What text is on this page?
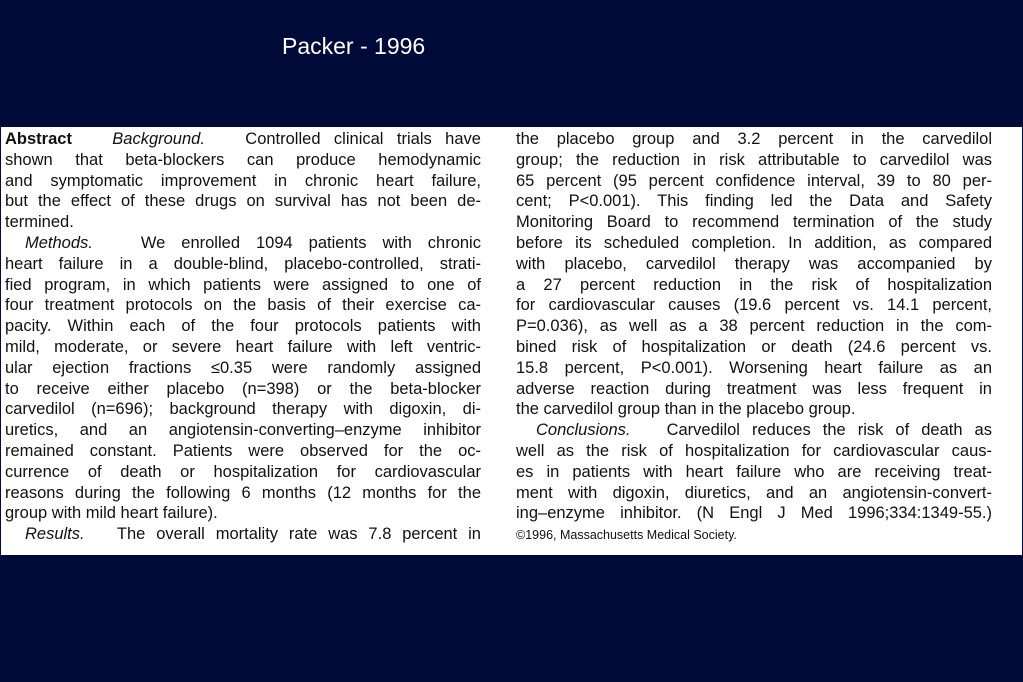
Packer - 1996
Abstract Background. Controlled clinical trials have
shown that beta-blockers can produce hemodynamic
and symptomatic improvement in chronic heart failure,
but the effect of these drugs on survival has not been de-
termined.
Methods.	We enrolled 1094 patients with chronic
heart failure in a double-blind, placebo-controlled, strati-
fied program, in which patients were assigned to one of
four treatment protocols on the basis of their exercise ca-
pacity. Within each of the four protocols patients with
mild, moderate, or severe heart failure with left ventric-
ular ejection fractions ≤0.35 were randomly assigned
to receive either placebo (n=398) or the beta-blocker
carvedilol (n=696); background therapy with digoxin, di-
uretics, and an angiotensin-converting–enzyme inhibitor
remained constant. Patients were observed for the oc-
currence of death or hospitalization for cardiovascular
reasons during the following 6 months (12 months for the
group with mild heart failure).
Results. The overall mortality rate was 7.8 percent in
the placebo group and 3.2 percent in the carvedilol
group; the reduction in risk attributable to carvedilol was
65 percent (95 percent confidence interval, 39 to 80 per-
cent; P<0.001). This finding led the Data and Safety
Monitoring Board to recommend termination of the study
before its scheduled completion. In addition, as compared
with placebo, carvedilol therapy was accompanied by
a 27 percent reduction in the risk of hospitalization
for cardiovascular causes (19.6 percent vs. 14.1 percent,
P=0.036), as well as a 38 percent reduction in the com-
bined risk of hospitalization or death (24.6 percent vs.
15.8 percent, P<0.001). Worsening heart failure as an
adverse reaction during treatment was less frequent in
the carvedilol group than in the placebo group.
Conclusions. Carvedilol reduces the risk of death as
well as the risk of hospitalization for cardiovascular caus-
es in patients with heart failure who are receiving treat-
ment with digoxin, diuretics, and an angiotensin-convert-
ing–enzyme inhibitor. (N Engl J Med 1996;334:1349-55.)
©1996, Massachusetts Medical Society.
